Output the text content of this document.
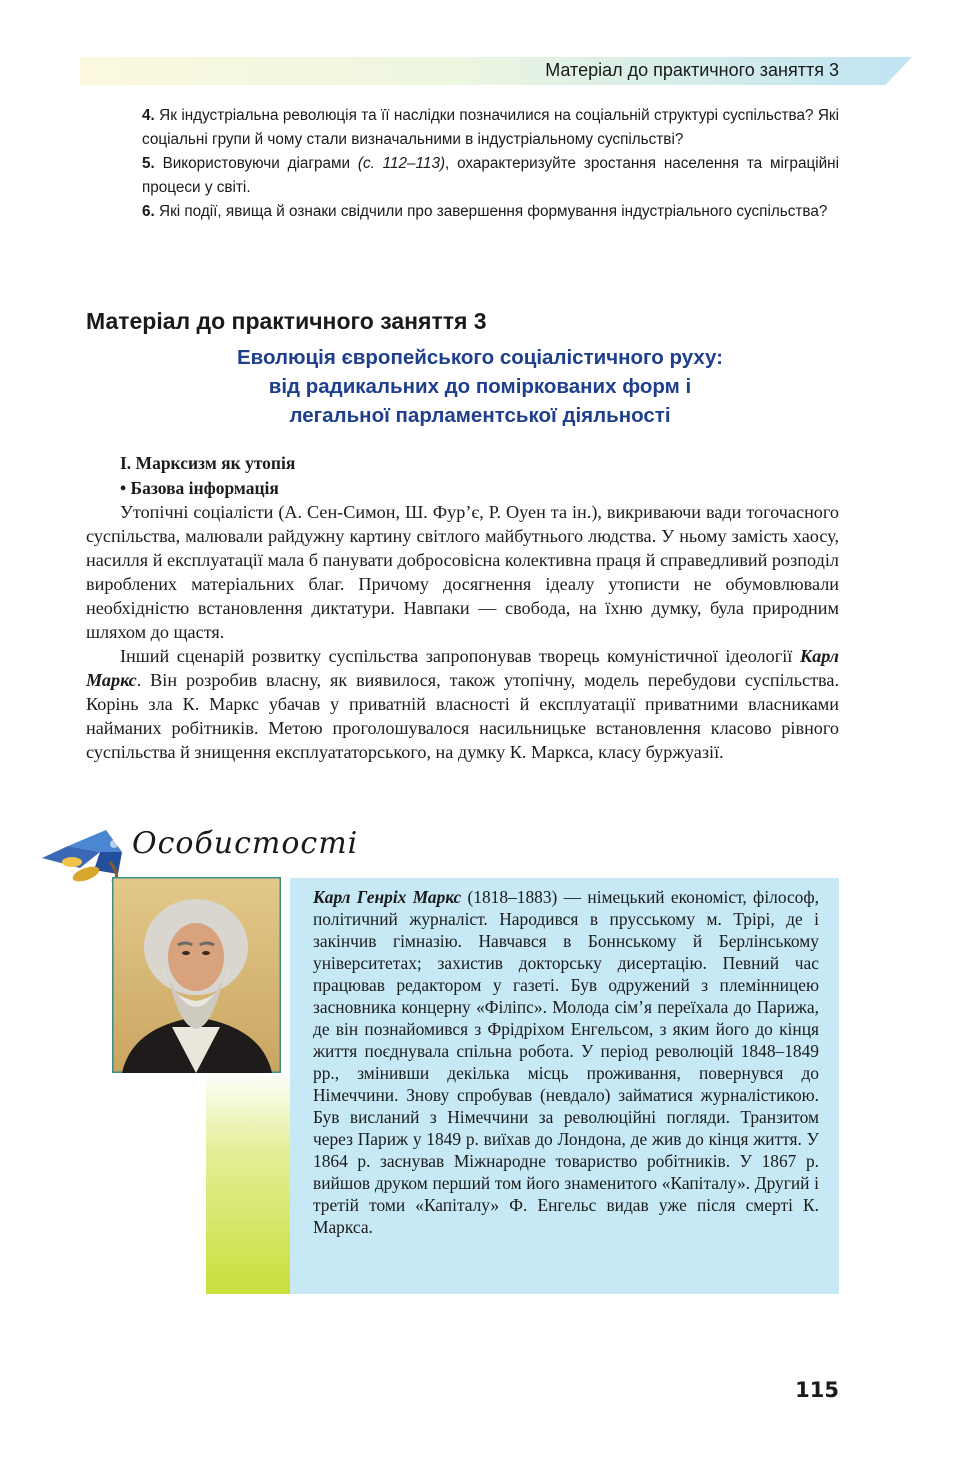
Матеріал до практичного заняття 3

4. Як індустріальна революція та її наслідки позначилися на соціальній структурі суспільства? Які соціальні групи й чому стали визначальними в індустріальному суспільстві?

5. Використовуючи діаграми (с. 112–113), охарактеризуйте зростання населення та міграційні процеси у світі.

6. Які події, явища й ознаки свідчили про завершення формування індустріального суспільства?

Матеріал до практичного заняття 3
Еволюція європейського соціалістичного руху:
від радикальних до поміркованих форм і
легальної парламентської діяльності
І. Марксизм як утопія
• Базова інформація

Утопічні соціалісти (А. Сен-Симон, Ш. Фур’є, Р. Оуен та ін.), викриваючи вади тогочасного суспільства, малювали райдужну картину світлого майбутнього людства. У ньому замість хаосу, насилля й експлуатації мала б панувати добросовісна колективна праця й справедливий розподіл вироблених матеріальних благ. Причому досягнення ідеалу утописти не обумовлювали необхідністю встановлення диктатури. Навпаки — свобода, на їхню думку, була природним шляхом до щастя.

Інший сценарій розвитку суспільства запропонував творець комуністичної ідеології Карл Маркс. Він розробив власну, як виявилося, також утопічну, модель перебудови суспільства. Корінь зла К. Маркс убачав у приватній власності й експлуатації приватними власниками найманих робітників. Метою проголошувалося насильницьке встановлення класово рівного суспільства й знищення експлуататорського, на думку К. Маркса, класу буржуазії.

Особистості
Карл Генріх Маркс (1818–1883) — німецький економіст, філософ, політичний журналіст. Народився в прусському м. Трірі, де і закінчив гімназію. Навчався в Боннському й Берлінському університетах; захистив докторську дисертацію. Певний час працював редактором у газеті. Був одружений з племінницею засновника концерну «Філіпс». Молода сім’я переїхала до Парижа, де він познайомився з Фрідріхом Енгельсом, з яким його до кінця життя поєднувала спільна робота. У період революцій 1848–1849 рр., змінивши декілька місць проживання, повернувся до Німеччини. Знову спробував (невдало) займатися журналістикою. Був висланий з Німеччини за революційні погляди. Транзитом через Париж у 1849 р. виїхав до Лондона, де жив до кінця життя. У 1864 р. заснував Міжнародне товариство робітників. У 1867 р. вийшов друком перший том його знаменитого «Капіталу». Другий і третій томи «Капіталу» Ф. Енгельс видав уже після смерті К. Маркса.
115
